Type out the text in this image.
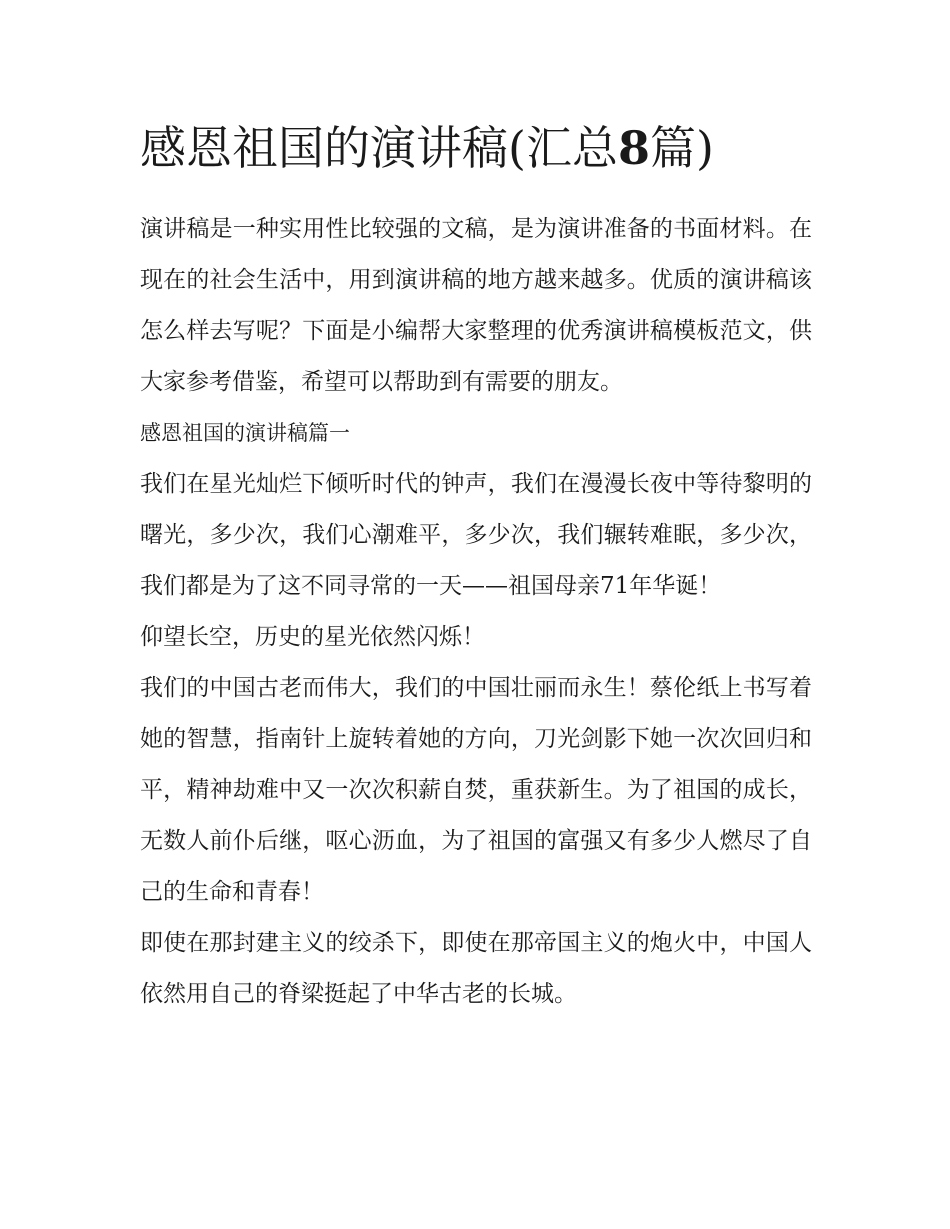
感恩祖国的演讲稿(汇总8篇)

演讲稿是一种实用性比较强的文稿，是为演讲准备的书面材料。在现在的社会生活中，用到演讲稿的地方越来越多。优质的演讲稿该怎么样去写呢？下面是小编帮大家整理的优秀演讲稿模板范文，供大家参考借鉴，希望可以帮助到有需要的朋友。

感恩祖国的演讲稿篇一

我们在星光灿烂下倾听时代的钟声，我们在漫漫长夜中等待黎明的曙光，多少次，我们心潮难平，多少次，我们辗转难眠，多少次，我们都是为了这不同寻常的一天——祖国母亲71年华诞！

仰望长空，历史的星光依然闪烁！

我们的中国古老而伟大，我们的中国壮丽而永生！蔡伦纸上书写着她的智慧，指南针上旋转着她的方向，刀光剑影下她一次次回归和平，精神劫难中又一次次积薪自焚，重获新生。为了祖国的成长，无数人前仆后继，呕心沥血，为了祖国的富强又有多少人燃尽了自己的生命和青春！

即使在那封建主义的绞杀下，即使在那帝国主义的炮火中，中国人依然用自己的脊梁挺起了中华古老的长城。
